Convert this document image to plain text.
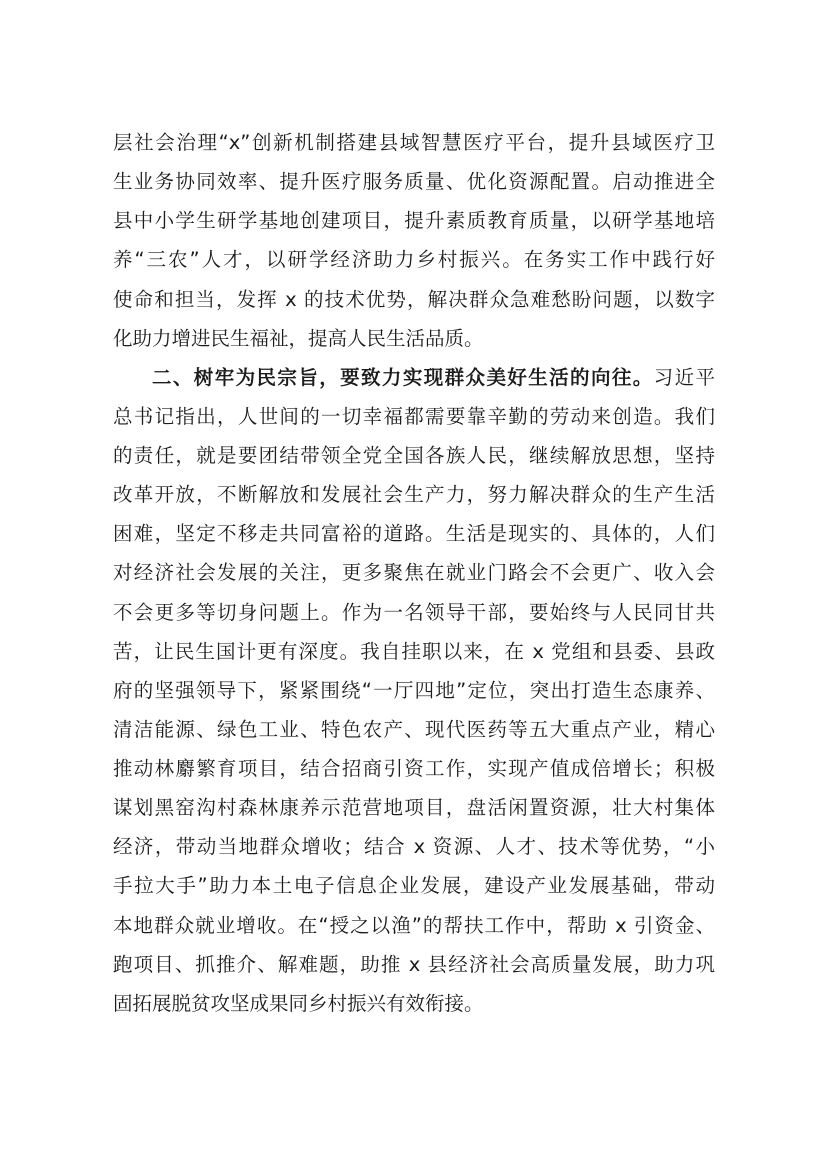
层社会治理“x”创新机制搭建县域智慧医疗平台，提升县域医疗卫
生业务协同效率、提升医疗服务质量、优化资源配置。启动推进全
县中小学生研学基地创建项目，提升素质教育质量，以研学基地培
养“三农”人才，以研学经济助力乡村振兴。在务实工作中践行好
使命和担当，发挥 x 的技术优势，解决群众急难愁盼问题，以数字
化助力增进民生福祉，提高人民生活品质。
二、树牢为民宗旨，要致力实现群众美好生活的向往。习近平
总书记指出，人世间的一切幸福都需要靠辛勤的劳动来创造。我们
的责任，就是要团结带领全党全国各族人民，继续解放思想，坚持
改革开放，不断解放和发展社会生产力，努力解决群众的生产生活
困难，坚定不移走共同富裕的道路。生活是现实的、具体的，人们
对经济社会发展的关注，更多聚焦在就业门路会不会更广、收入会
不会更多等切身问题上。作为一名领导干部，要始终与人民同甘共
苦，让民生国计更有深度。我自挂职以来，在 x 党组和县委、县政
府的坚强领导下，紧紧围绕“一厅四地”定位，突出打造生态康养、
清洁能源、绿色工业、特色农产、现代医药等五大重点产业，精心
推动林麝繁育项目，结合招商引资工作，实现产值成倍增长；积极
谋划黑窑沟村森林康养示范营地项目，盘活闲置资源，壮大村集体
经济，带动当地群众增收；结合 x 资源、人才、技术等优势，“小
手拉大手”助力本土电子信息企业发展，建设产业发展基础，带动
本地群众就业增收。在“授之以渔”的帮扶工作中，帮助 x 引资金、
跑项目、抓推介、解难题，助推 x 县经济社会高质量发展，助力巩
固拓展脱贫攻坚成果同乡村振兴有效衔接。
